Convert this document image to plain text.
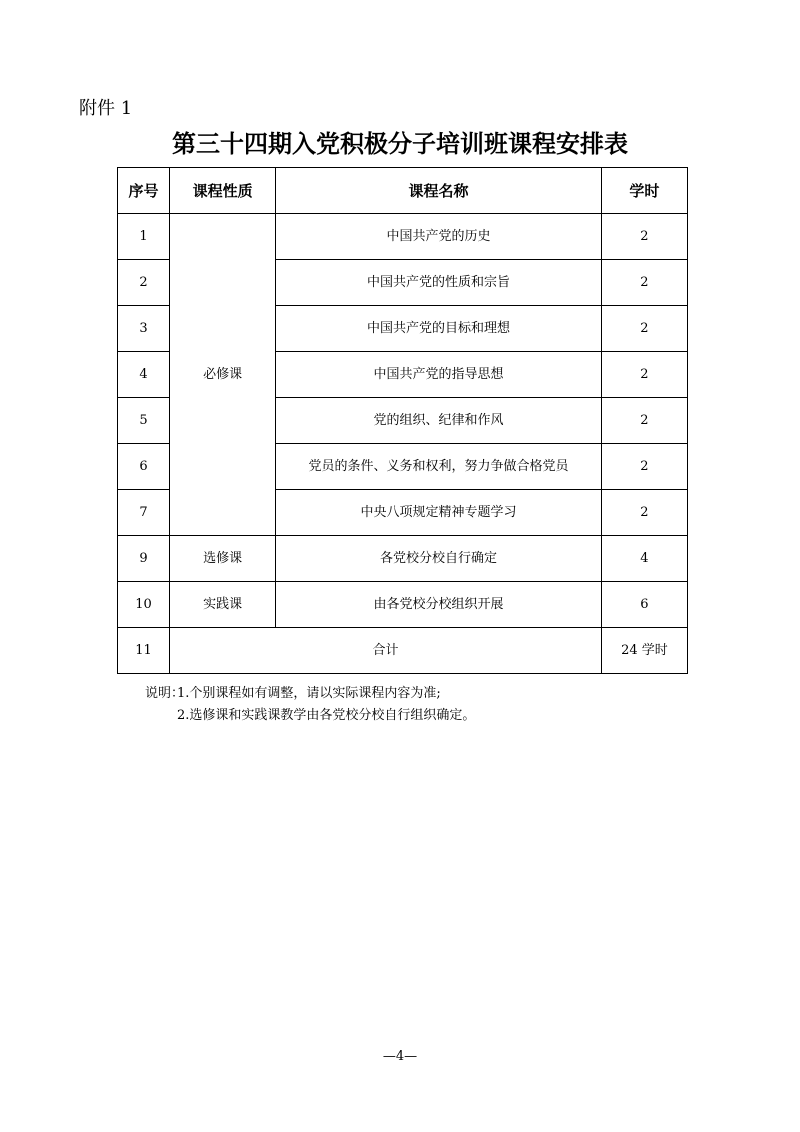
附件 1
第三十四期入党积极分子培训班课程安排表
序号	课程性质	课程名称	学时
1	必修课	中国共产党的历史	2
2		中国共产党的性质和宗旨	2
3		中国共产党的目标和理想	2
4		中国共产党的指导思想	2
5		党的组织、纪律和作风	2
6		党员的条件、义务和权利，努力争做合格党员	2
7		中央八项规定精神专题学习	2
9	选修课	各党校分校自行确定	4
10	实践课	由各党校分校组织开展	6
11	合计		24 学时
说明：1.个别课程如有调整，请以实际课程内容为准;
2.选修课和实践课教学由各党校分校自行组织确定。
—4—
